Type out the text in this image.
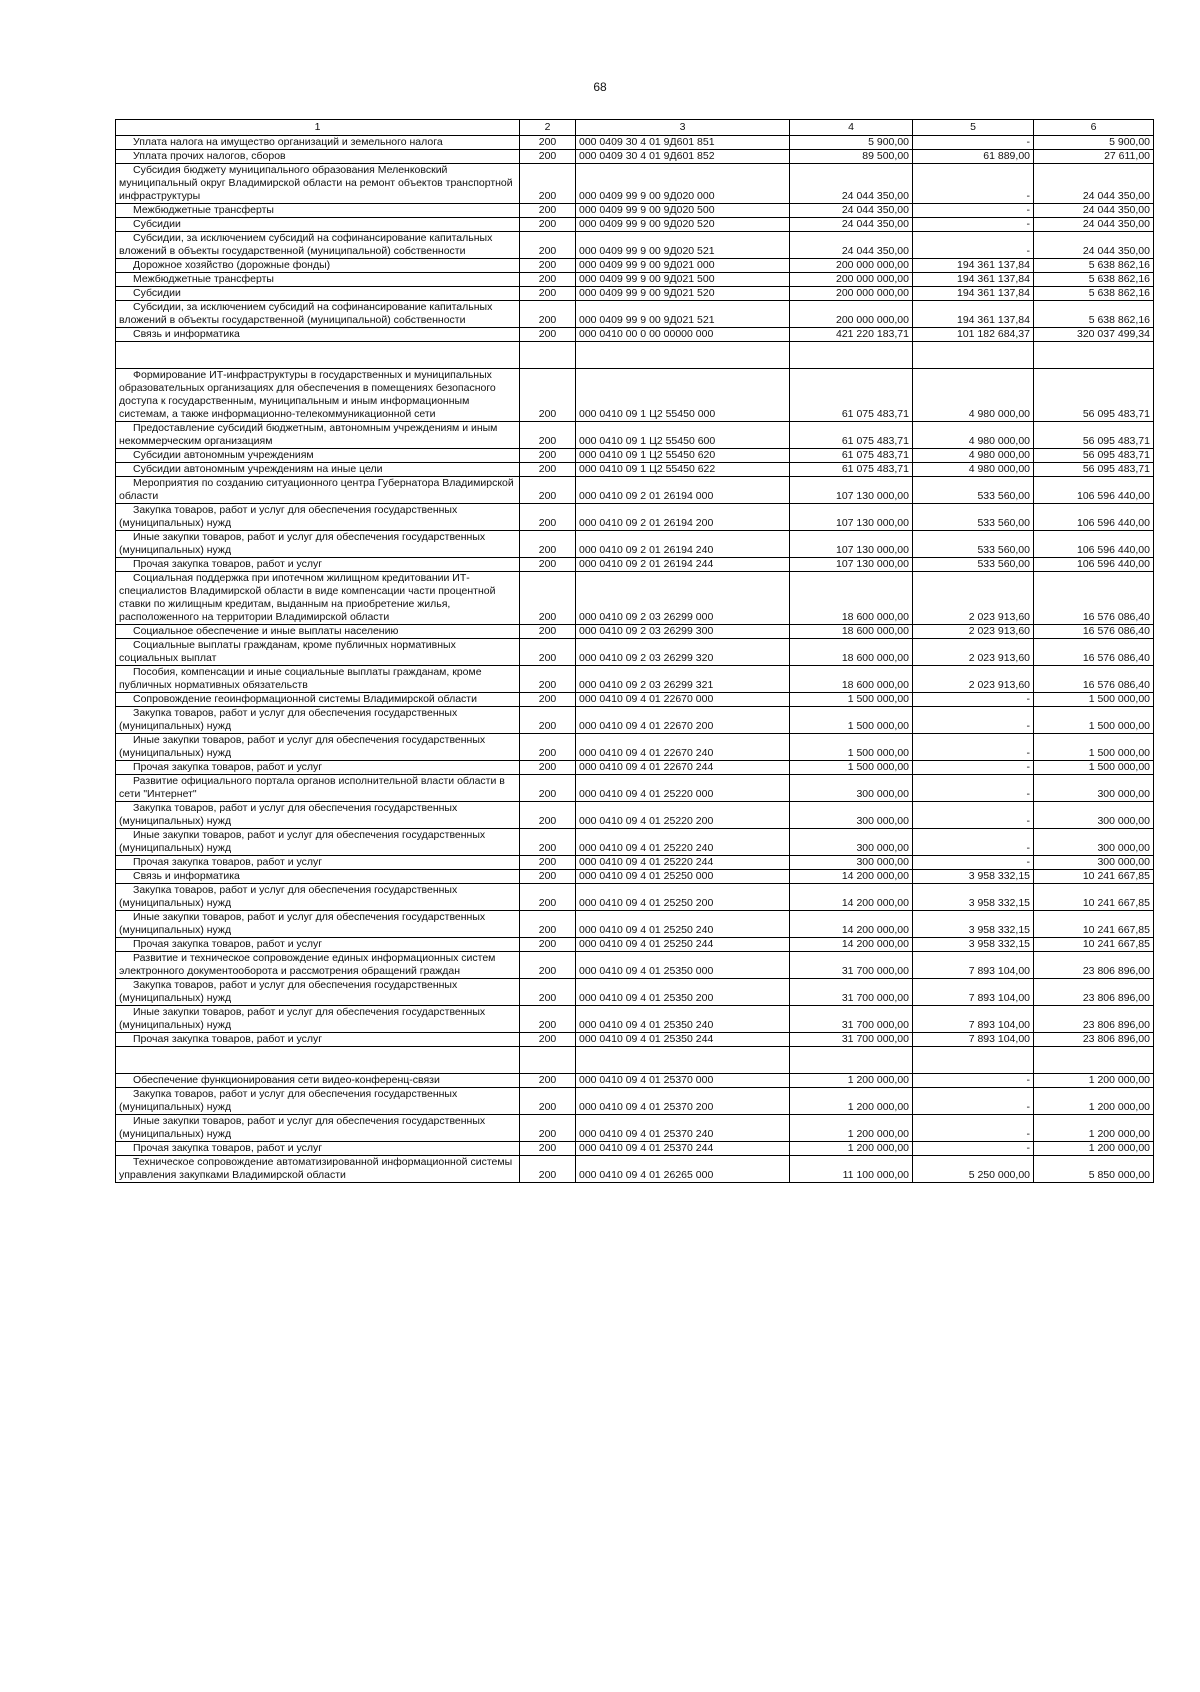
68
1	2	3	4	5	6

Уплата налога на имущество организаций и земельного налога	200	000 0409 30 4 01 9Д601 851	5 900,00	-	5 900,00

Уплата прочих налогов, сборов	200	000 0409 30 4 01 9Д601 852	89 500,00	61 889,00	27 611,00

Субсидия бюджету муниципального образования Меленковский муниципальный округ Владимирской области на ремонт объектов транспортной инфраструктуры	200	000 0409 99 9 00 9Д020 000	24 044 350,00	-	24 044 350,00

Межбюджетные трансферты	200	000 0409 99 9 00 9Д020 500	24 044 350,00	-	24 044 350,00

Субсидии	200	000 0409 99 9 00 9Д020 520	24 044 350,00	-	24 044 350,00

Субсидии, за исключением субсидий на софинансирование капитальных вложений в объекты государственной (муниципальной) собственности	200	000 0409 99 9 00 9Д020 521	24 044 350,00	-	24 044 350,00

Дорожное хозяйство (дорожные фонды)	200	000 0409 99 9 00 9Д021 000	200 000 000,00	194 361 137,84	5 638 862,16

Межбюджетные трансферты	200	000 0409 99 9 00 9Д021 500	200 000 000,00	194 361 137,84	5 638 862,16

Субсидии	200	000 0409 99 9 00 9Д021 520	200 000 000,00	194 361 137,84	5 638 862,16

Субсидии, за исключением субсидий на софинансирование капитальных вложений в объекты государственной (муниципальной) собственности	200	000 0409 99 9 00 9Д021 521	200 000 000,00	194 361 137,84	5 638 862,16

Связь и информатика	200	000 0410 00 0 00 00000 000	421 220 183,71	101 182 684,37	320 037 499,34

Формирование ИТ-инфраструктуры в государственных и муниципальных образовательных организациях для обеспечения в помещениях безопасного доступа к государственным, муниципальным и иным информационным системам, а также информационно-телекоммуникационной сети	200	000 0410 09 1 Ц2 55450 000	61 075 483,71	4 980 000,00	56 095 483,71

Предоставление субсидий бюджетным, автономным учреждениям и иным некоммерческим организациям	200	000 0410 09 1 Ц2 55450 600	61 075 483,71	4 980 000,00	56 095 483,71

Субсидии автономным учреждениям	200	000 0410 09 1 Ц2 55450 620	61 075 483,71	4 980 000,00	56 095 483,71

Субсидии автономным учреждениям на иные цели	200	000 0410 09 1 Ц2 55450 622	61 075 483,71	4 980 000,00	56 095 483,71

Мероприятия по созданию ситуационного центра Губернатора Владимирской области	200	000 0410 09 2 01 26194 000	107 130 000,00	533 560,00	106 596 440,00

Закупка товаров, работ и услуг для обеспечения государственных (муниципальных) нужд	200	000 0410 09 2 01 26194 200	107 130 000,00	533 560,00	106 596 440,00

Иные закупки товаров, работ и услуг для обеспечения государственных (муниципальных) нужд	200	000 0410 09 2 01 26194 240	107 130 000,00	533 560,00	106 596 440,00

Прочая закупка товаров, работ и услуг	200	000 0410 09 2 01 26194 244	107 130 000,00	533 560,00	106 596 440,00

Социальная поддержка при ипотечном жилищном кредитовании ИТ-специалистов Владимирской области в виде компенсации части процентной ставки по жилищным кредитам, выданным на приобретение жилья, расположенного на территории Владимирской области	200	000 0410 09 2 03 26299 000	18 600 000,00	2 023 913,60	16 576 086,40

Социальное обеспечение и иные выплаты населению	200	000 0410 09 2 03 26299 300	18 600 000,00	2 023 913,60	16 576 086,40

Социальные выплаты гражданам, кроме публичных нормативных социальных выплат	200	000 0410 09 2 03 26299 320	18 600 000,00	2 023 913,60	16 576 086,40

Пособия, компенсации и иные социальные выплаты гражданам, кроме публичных нормативных обязательств	200	000 0410 09 2 03 26299 321	18 600 000,00	2 023 913,60	16 576 086,40

Сопровождение геоинформационной системы Владимирской области	200	000 0410 09 4 01 22670 000	1 500 000,00	-	1 500 000,00

Закупка товаров, работ и услуг для обеспечения государственных (муниципальных) нужд	200	000 0410 09 4 01 22670 200	1 500 000,00	-	1 500 000,00

Иные закупки товаров, работ и услуг для обеспечения государственных (муниципальных) нужд	200	000 0410 09 4 01 22670 240	1 500 000,00	-	1 500 000,00

Прочая закупка товаров, работ и услуг	200	000 0410 09 4 01 22670 244	1 500 000,00	-	1 500 000,00

Развитие официального портала органов исполнительной власти области в сети "Интернет"	200	000 0410 09 4 01 25220 000	300 000,00	-	300 000,00

Закупка товаров, работ и услуг для обеспечения государственных (муниципальных) нужд	200	000 0410 09 4 01 25220 200	300 000,00	-	300 000,00

Иные закупки товаров, работ и услуг для обеспечения государственных (муниципальных) нужд	200	000 0410 09 4 01 25220 240	300 000,00	-	300 000,00

Прочая закупка товаров, работ и услуг	200	000 0410 09 4 01 25220 244	300 000,00	-	300 000,00

Связь и информатика	200	000 0410 09 4 01 25250 000	14 200 000,00	3 958 332,15	10 241 667,85

Закупка товаров, работ и услуг для обеспечения государственных (муниципальных) нужд	200	000 0410 09 4 01 25250 200	14 200 000,00	3 958 332,15	10 241 667,85

Иные закупки товаров, работ и услуг для обеспечения государственных (муниципальных) нужд	200	000 0410 09 4 01 25250 240	14 200 000,00	3 958 332,15	10 241 667,85

Прочая закупка товаров, работ и услуг	200	000 0410 09 4 01 25250 244	14 200 000,00	3 958 332,15	10 241 667,85

Развитие и техническое сопровождение единых информационных систем электронного документооборота и рассмотрения обращений граждан	200	000 0410 09 4 01 25350 000	31 700 000,00	7 893 104,00	23 806 896,00

Закупка товаров, работ и услуг для обеспечения государственных (муниципальных) нужд	200	000 0410 09 4 01 25350 200	31 700 000,00	7 893 104,00	23 806 896,00

Иные закупки товаров, работ и услуг для обеспечения государственных (муниципальных) нужд	200	000 0410 09 4 01 25350 240	31 700 000,00	7 893 104,00	23 806 896,00

Прочая закупка товаров, работ и услуг	200	000 0410 09 4 01 25350 244	31 700 000,00	7 893 104,00	23 806 896,00

Обеспечение функционирования сети видео-конференц-связи	200	000 0410 09 4 01 25370 000	1 200 000,00	-	1 200 000,00

Закупка товаров, работ и услуг для обеспечения государственных (муниципальных) нужд	200	000 0410 09 4 01 25370 200	1 200 000,00	-	1 200 000,00

Иные закупки товаров, работ и услуг для обеспечения государственных (муниципальных) нужд	200	000 0410 09 4 01 25370 240	1 200 000,00	-	1 200 000,00

Прочая закупка товаров, работ и услуг	200	000 0410 09 4 01 25370 244	1 200 000,00	-	1 200 000,00

Техническое сопровождение автоматизированной информационной системы управления закупками Владимирской области	200	000 0410 09 4 01 26265 000	11 100 000,00	5 250 000,00	5 850 000,00
